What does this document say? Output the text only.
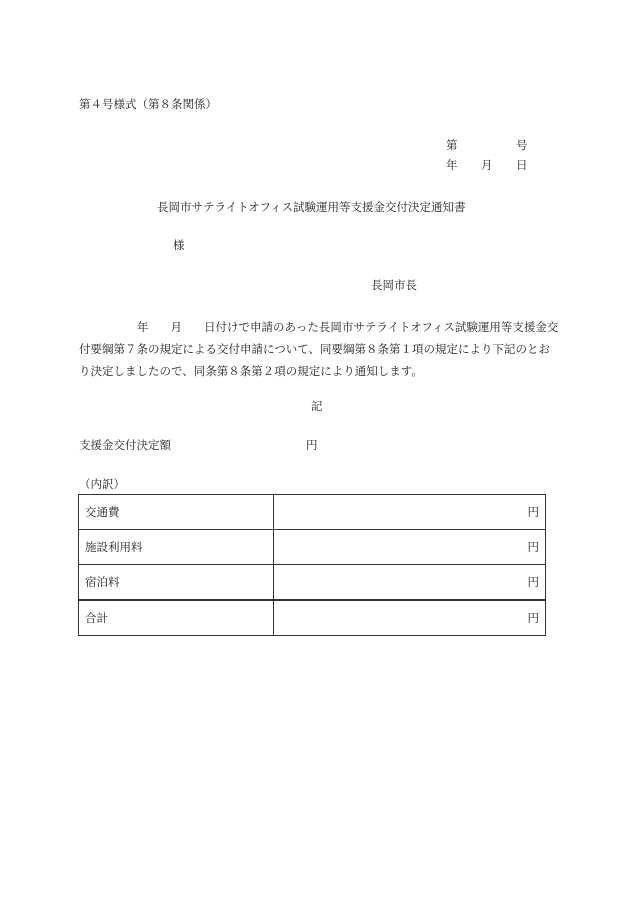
第４号様式（第８条関係）
第	号
年 月 日
長岡市サテライトオフィス試験運用等支援金交付決定通知書
様
長岡市長
年 月 日付けで申請のあった長岡市サテライトオフィス試験運用等支援金交付要綱第７条の規定による交付申請について、同要綱第８条第１項の規定により下記のとおり決定しましたので、同条第８条第２項の規定により通知します。
記
支援金交付決定額	円
（内訳）
交通費	円
施設利用料	円
宿泊料	円
合計	円
